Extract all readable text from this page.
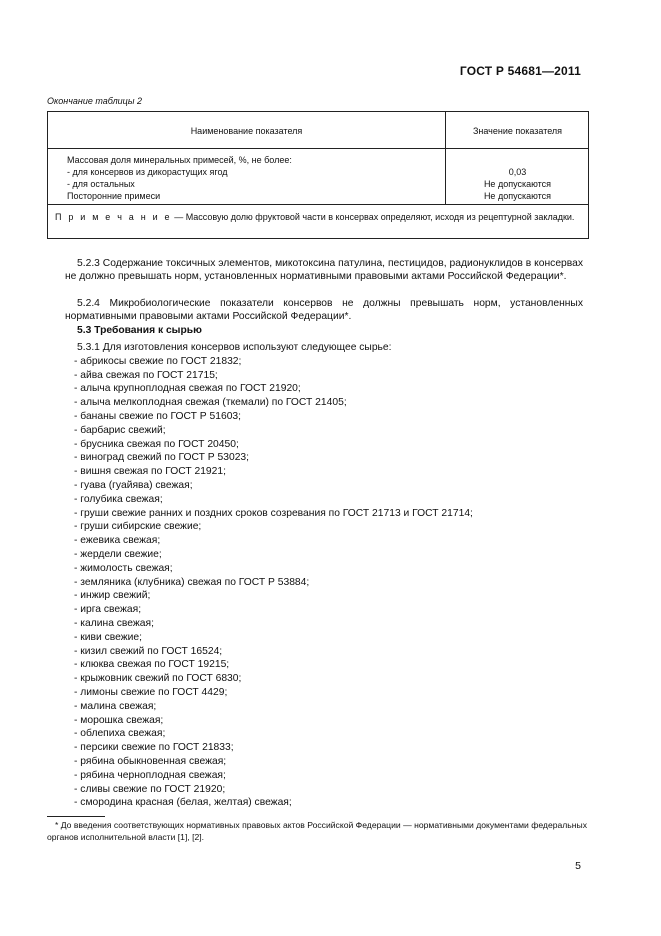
ГОСТ Р 54681—2011
Окончание таблицы 2
Наименование показателя	Значение показателя
Массовая доля минеральных примесей, %, не более:
- для консервов из дикорастущих ягод
- для остальных
Посторонние примеси
0,03
Не допускаются
Не допускаются
П р и м е ч а н и е — Массовую долю фруктовой части в консервах определяют, исходя из рецептурной закладки.

5.2.3 Содержание токсичных элементов, микотоксина патулина, пестицидов, радионуклидов в консервах не должно превышать норм, установленных нормативными правовыми актами Российской Федерации*.

5.2.4 Микробиологические показатели консервов не должны превышать норм, установленных нормативными правовыми актами Российской Федерации*.

5.3 Требования к сырью
5.3.1 Для изготовления консервов используют следующее сырье:
- абрикосы свежие по ГОСТ 21832;
- айва свежая по ГОСТ 21715;
- алыча крупноплодная свежая по ГОСТ 21920;
- алыча мелкоплодная свежая (ткемали) по ГОСТ 21405;
- бананы свежие по ГОСТ Р 51603;
- барбарис свежий;
- брусника свежая по ГОСТ 20450;
- виноград свежий по ГОСТ Р 53023;
- вишня свежая по ГОСТ 21921;
- гуава (гуайява) свежая;
- голубика свежая;
- груши свежие ранних и поздних сроков созревания по ГОСТ 21713 и ГОСТ 21714;
- груши сибирские свежие;
- ежевика свежая;
- жердели свежие;
- жимолость свежая;
- земляника (клубника) свежая по ГОСТ Р 53884;
- инжир свежий;
- ирга свежая;
- калина свежая;
- киви свежие;
- кизил свежий по ГОСТ 16524;
- клюква свежая по ГОСТ 19215;
- крыжовник свежий по ГОСТ 6830;
- лимоны свежие по ГОСТ 4429;
- малина свежая;
- морошка свежая;
- облепиха свежая;
- персики свежие по ГОСТ 21833;
- рябина обыкновенная свежая;
- рябина черноплодная свежая;
- сливы свежие по ГОСТ 21920;
- смородина красная (белая, желтая) свежая;
* До введения соответствующих нормативных правовых актов Российской Федерации — нормативными документами федеральных органов исполнительной власти [1], [2].
5
